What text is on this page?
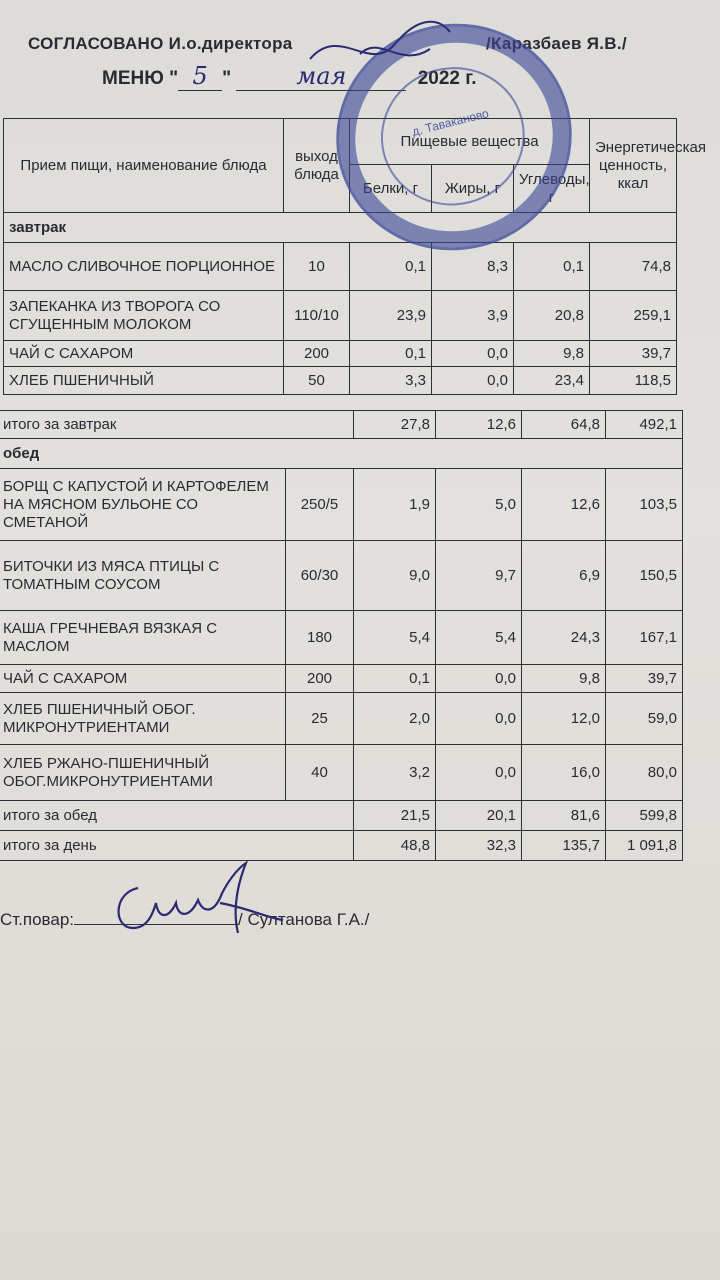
СОГЛАСОВАНО И.о.директора	/Каразбаев Я.В./
МЕНЮ " 5 "	мая	2022 г.
Прием пищи, наименование блюда	выход блюда	Пищевые вещества			Энергетическая ценность, ккал
		Белки, г	Жиры, г	Углеводы, г	
завтрак					
МАСЛО СЛИВОЧНОЕ ПОРЦИОННОЕ	10	0,1	8,3	0,1	74,8
ЗАПЕКАНКА ИЗ ТВОРОГА СО СГУЩЕННЫМ МОЛОКОМ	110/10	23,9	3,9	20,8	259,1
ЧАЙ С САХАРОМ	200	0,1	0,0	9,8	39,7
ХЛЕБ ПШЕНИЧНЫЙ	50	3,3	0,0	23,4	118,5
итого за завтрак		27,8	12,6	64,8	492,1
обед					
БОРЩ С КАПУСТОЙ И КАРТОФЕЛЕМ НА МЯСНОМ БУЛЬОНЕ СО СМЕТАНОЙ	250/5	1,9	5,0	12,6	103,5
БИТОЧКИ ИЗ МЯСА ПТИЦЫ С ТОМАТНЫМ СОУСОМ	60/30	9,0	9,7	6,9	150,5
КАША ГРЕЧНЕВАЯ ВЯЗКАЯ С МАСЛОМ	180	5,4	5,4	24,3	167,1
ЧАЙ С САХАРОМ	200	0,1	0,0	9,8	39,7
ХЛЕБ ПШЕНИЧНЫЙ ОБОГ. МИКРОНУТРИЕНТАМИ	25	2,0	0,0	12,0	59,0
ХЛЕБ РЖАНО-ПШЕНИЧНЫЙ ОБОГ.МИКРОНУТРИЕНТАМИ	40	3,2	0,0	16,0	80,0
итого за обед		21,5	20,1	81,6	599,8
итого за день		48,8	32,3	135,7	1 091,8
д. Таваканово
Ст.повар:	/ Султанова Г.А./
